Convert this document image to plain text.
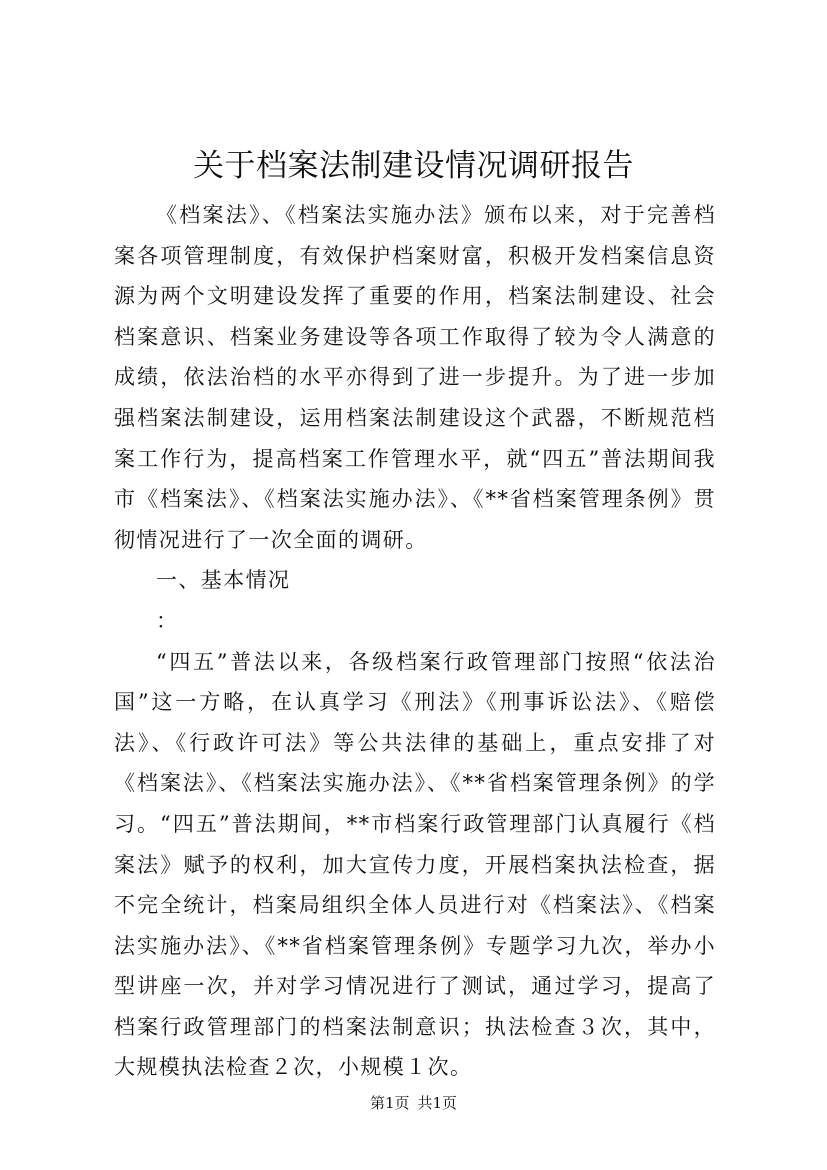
关于档案法制建设情况调研报告

《档案法》、《档案法实施办法》颁布以来，对于完善档案各项管理制度，有效保护档案财富，积极开发档案信息资源为两个文明建设发挥了重要的作用，档案法制建设、社会档案意识、档案业务建设等各项工作取得了较为令人满意的成绩，依法治档的水平亦得到了进一步提升。为了进一步加强档案法制建设，运用档案法制建设这个武器，不断规范档案工作行为，提高档案工作管理水平，就“四五”普法期间我市《档案法》、《档案法实施办法》、《**省档案管理条例》贯彻情况进行了一次全面的调研。

一、基本情况

：

“四五”普法以来，各级档案行政管理部门按照“依法治国”这一方略，在认真学习《刑法》《刑事诉讼法》、《赔偿法》、《行政许可法》等公共法律的基础上，重点安排了对《档案法》、《档案法实施办法》、《**省档案管理条例》的学习。“四五”普法期间，**市档案行政管理部门认真履行《档案法》赋予的权利，加大宣传力度，开展档案执法检查，据不完全统计，档案局组织全体人员进行对《档案法》、《档案法实施办法》、《**省档案管理条例》专题学习九次，举办小型讲座一次，并对学习情况进行了测试，通过学习，提高了档案行政管理部门的档案法制意识；执法检查３次，其中，大规模执法检查２次，小规模１次。

第1页 共1页
